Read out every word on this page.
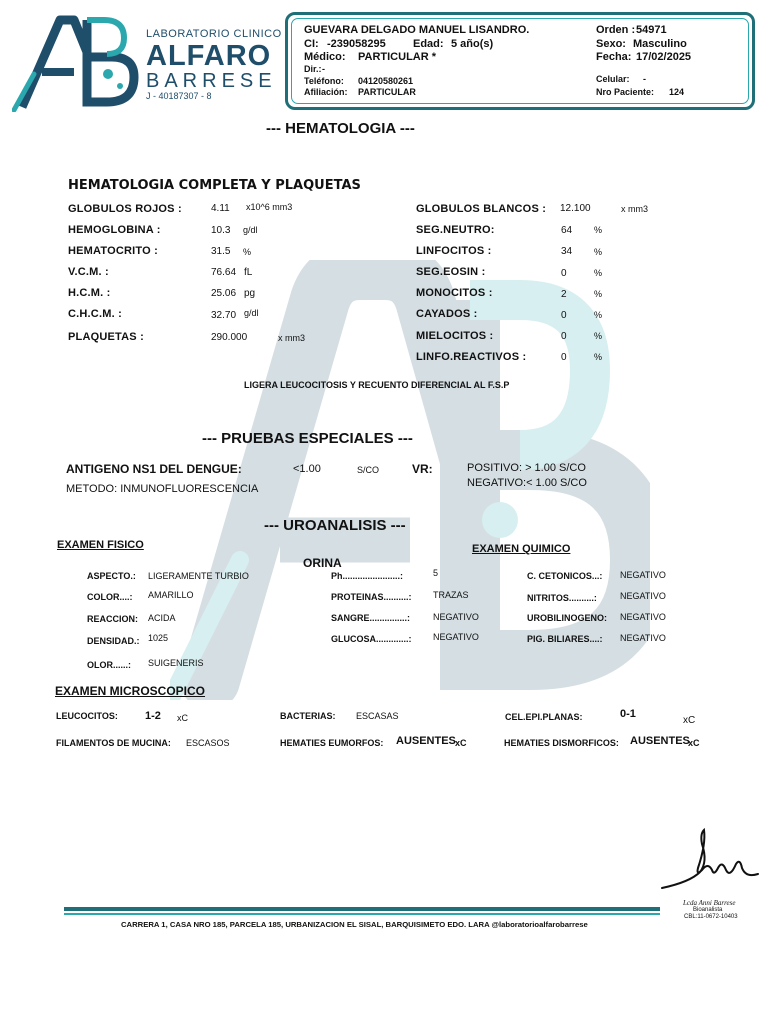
LABORATORIO CLINICO
ALFARO
BARRESE
J - 40187307 - 8
GUEVARA DELGADO MANUEL LISANDRO.
CI: -239058295 Edad: 5 año(s)
Médico: PARTICULAR *
Dir.: -
Teléfono: 04120580261
Afiliación: PARTICULAR
Orden : 54971
Sexo: Masculino
Fecha: 17/02/2025
Celular: -
Nro Paciente: 124
--- HEMATOLOGIA ---
HEMATOLOGIA COMPLETA Y PLAQUETAS
GLOBULOS ROJOS :	4.11 x10^6 mm3
HEMOGLOBINA :	10.3 g/dl
HEMATOCRITO :	31.5 %
V.C.M. :	76.64 fL
H.C.M. :	25.06 pg
C.H.C.M. :	32.70 g/dl
PLAQUETAS :	290.000	x mm3
GLOBULOS BLANCOS : 12.100	x mm3
SEG.NEUTRO:	64 %
LINFOCITOS :	34 %
SEG.EOSIN :	0	%
MONOCITOS :	2	%
CAYADOS :	0	%
MIELOCITOS :	0	%
LINFO.REACTIVOS :	0	%
LIGERA LEUCOCITOSIS Y RECUENTO DIFERENCIAL AL F.S.P
--- PRUEBAS ESPECIALES ---
ANTIGENO NS1 DEL DENGUE:	<1.00	S/CO	VR:	POSITIVO: > 1.00 S/CO
NEGATIVO:< 1.00 S/CO
METODO: INMUNOFLUORESCENCIA
--- UROANALISIS ---
EXAMEN FISICO
ORINA
EXAMEN QUIMICO
ASPECTO.: LIGERAMENTE TURBIO
COLOR....: AMARILLO
REACCION: ACIDA
DENSIDAD.: 1025
OLOR......: SUIGENERIS
Ph.......................:	5
PROTEINAS..........: TRAZAS
SANGRE...............:	NEGATIVO
GLUCOSA.............: NEGATIVO
C. CETONICOS...: NEGATIVO
NITRITOS..........:	NEGATIVO
UROBILINOGENO: NEGATIVO
PIG. BILIARES....: NEGATIVO
EXAMEN MICROSCOPICO
LEUCOCITOS: 1-2 xC	BACTERIAS: ESCASAS	CEL.EPI.PLANAS:	0-1
xC
FILAMENTOS DE MUCINA: ESCASOS	HEMATIES EUMORFOS: AUSENTES xC	HEMATIES DISMORFICOS: AUSENTES
xC
Lcda Anni Barrese
Bioanalista
CBL:11-0672-10403
CARRERA 1, CASA NRO 185, PARCELA 185, URBANIZACION EL SISAL, BARQUISIMETO EDO. LARA @laboratorioalfarobarrese
